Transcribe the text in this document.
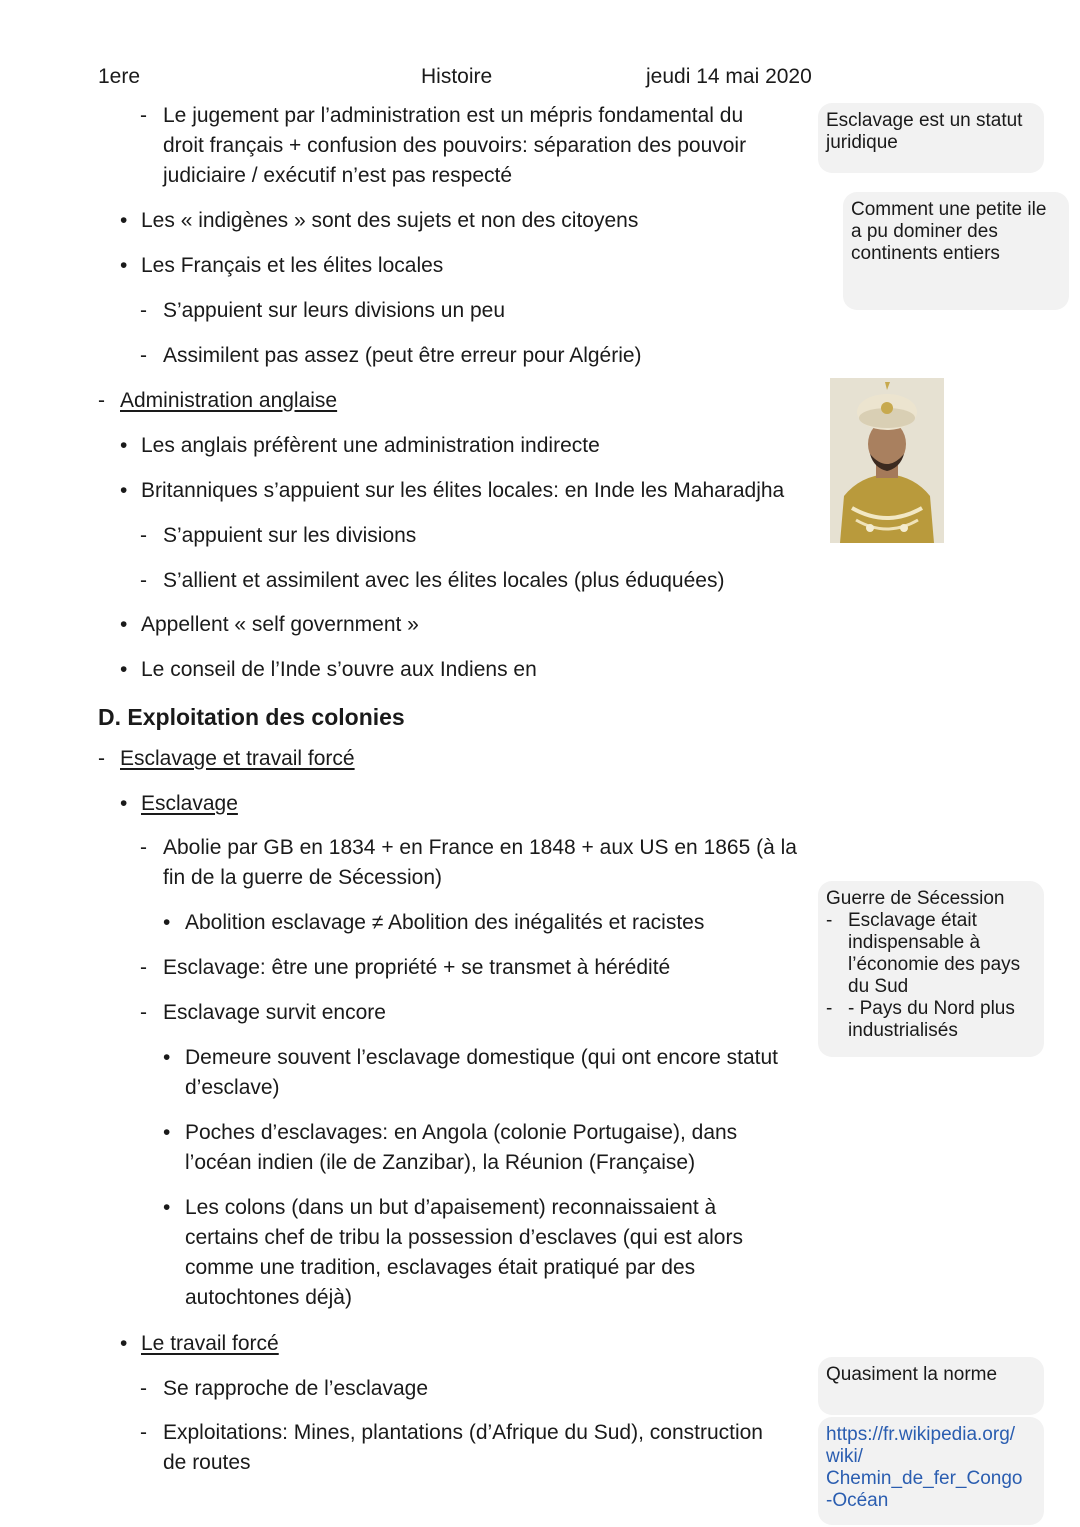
1ere	Histoire	jeudi 14 mai 2020
- Le jugement par l’administration est un mépris fondamental du
droit français + confusion des pouvoirs: séparation des pouvoir
judiciaire / exécutif n’est pas respecté
• Les « indigènes » sont des sujets et non des citoyens
• Les Français et les élites locales
- S’appuient sur leurs divisions un peu
- Assimilent pas assez (peut être erreur pour Algérie)
- Administration anglaise
• Les anglais préfèrent une administration indirecte
• Britanniques s’appuient sur les élites locales: en Inde les Maharadjha
- S’appuient sur les divisions
- S’allient et assimilent avec les élites locales (plus éduquées)
• Appellent « self government »
• Le conseil de l’Inde s’ouvre aux Indiens en
D. Exploitation des colonies
- Esclavage et travail forcé
• Esclavage
- Abolie par GB en 1834 + en France en 1848 + aux US en 1865 (à la
fin de la guerre de Sécession)
• Abolition esclavage ≠ Abolition des inégalités et racistes
- Esclavage: être une propriété + se transmet à hérédité
- Esclavage survit encore
• Demeure souvent l’esclavage domestique (qui ont encore statut
d’esclave)
• Poches d’esclavages: en Angola (colonie Portugaise), dans
l’océan indien (ile de Zanzibar), la Réunion (Française)
• Les colons (dans un but d’apaisement) reconnaissaient à
certains chef de tribu la possession d’esclaves (qui est alors
comme une tradition, esclavages était pratiqué par des
autochtones déjà)
• Le travail forcé
- Se rapproche de l’esclavage
- Exploitations: Mines, plantations (d’Afrique du Sud), construction
de routes
Esclavage est un statut
juridique
Comment une petite ile
a pu dominer des
continents entiers
Guerre de Sécession
- Esclavage était
indispensable à
l’économie des pays
du Sud
- - Pays du Nord plus
industrialisés
Quasiment la norme
https://fr.wikipedia.org/
wiki/
Chemin_de_fer_Congo
-Océan
